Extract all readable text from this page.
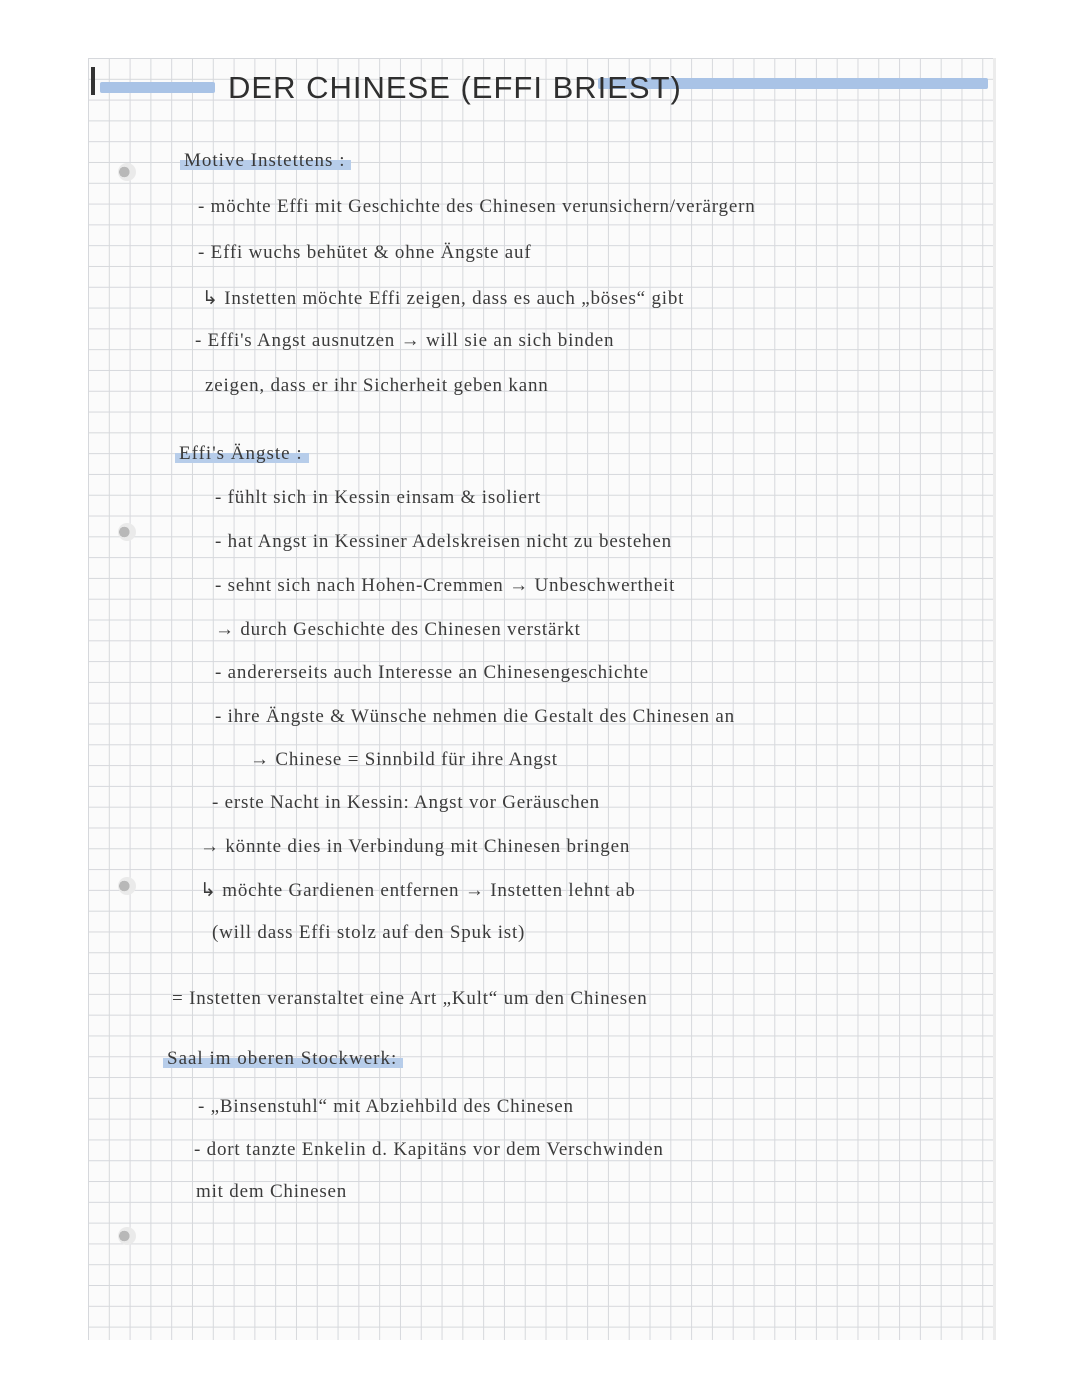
DER CHINESE (EFFI BRIEST)
Motive Instettens :
- möchte Effi mit Geschichte des Chinesen verunsichern/verärgern
- Effi wuchs behütet & ohne Ängste auf
↳ Instetten möchte Effi zeigen, dass es auch „böses“ gibt
- Effi's Angst ausnutzen → will sie an sich binden
zeigen, dass er ihr Sicherheit geben kann
Effi's Ängste :
- fühlt sich in Kessin einsam & isoliert
- hat Angst in Kessiner Adelskreisen nicht zu bestehen
- sehnt sich nach Hohen-Cremmen → Unbeschwertheit
→ durch Geschichte des Chinesen verstärkt
- andererseits auch Interesse an Chinesengeschichte
- ihre Ängste & Wünsche nehmen die Gestalt des Chinesen an
→ Chinese = Sinnbild für ihre Angst
- erste Nacht in Kessin: Angst vor Geräuschen
→ könnte dies in Verbindung mit Chinesen bringen
↳ möchte Gardienen entfernen → Instetten lehnt ab
(will dass Effi stolz auf den Spuk ist)
= Instetten veranstaltet eine Art „Kult“ um den Chinesen
Saal im oberen Stockwerk:
- „Binsenstuhl“ mit Abziehbild des Chinesen
- dort tanzte Enkelin d. Kapitäns vor dem Verschwinden
mit dem Chinesen
